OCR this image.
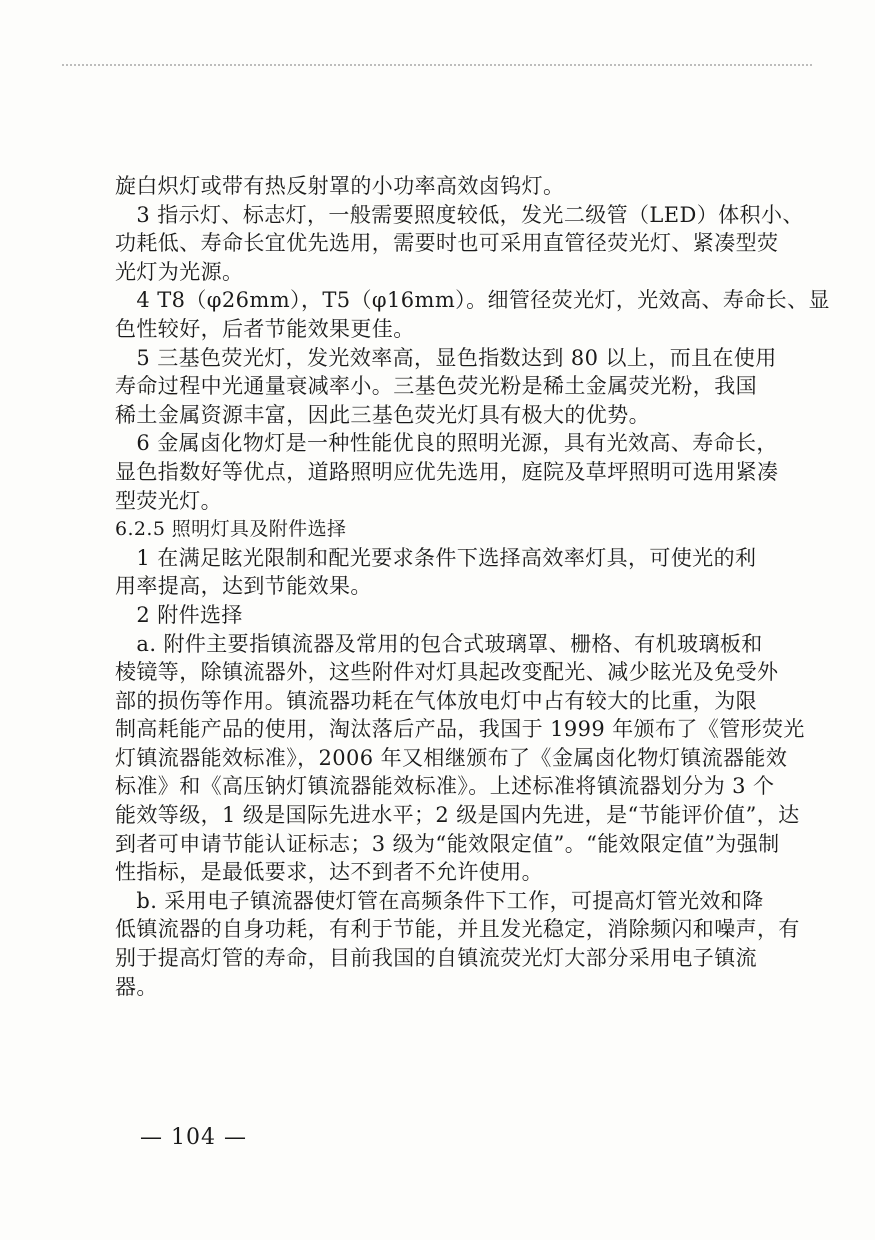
旋白炽灯或带有热反射罩的小功率高效卤钨灯。
　3 指示灯、标志灯，一般需要照度较低，发光二级管（LED）体积小、
功耗低、寿命长宜优先选用，需要时也可采用直管径荧光灯、紧凑型荧
光灯为光源。
　4 T8（φ26mm），T5（φ16mm）。细管径荧光灯，光效高、寿命长、显
色性较好，后者节能效果更佳。
　5 三基色荧光灯，发光效率高，显色指数达到 80 以上，而且在使用
寿命过程中光通量衰减率小。三基色荧光粉是稀土金属荧光粉，我国
稀土金属资源丰富，因此三基色荧光灯具有极大的优势。
　6 金属卤化物灯是一种性能优良的照明光源，具有光效高、寿命长，
显色指数好等优点，道路照明应优先选用，庭院及草坪照明可选用紧凑
型荧光灯。
6.2.5 照明灯具及附件选择
　1 在满足眩光限制和配光要求条件下选择高效率灯具，可使光的利
用率提高，达到节能效果。
　2 附件选择
　a. 附件主要指镇流器及常用的包合式玻璃罩、栅格、有机玻璃板和
棱镜等，除镇流器外，这些附件对灯具起改变配光、减少眩光及免受外
部的损伤等作用。镇流器功耗在气体放电灯中占有较大的比重，为限
制高耗能产品的使用，淘汰落后产品，我国于 1999 年颁布了《管形荧光
灯镇流器能效标准》，2006 年又相继颁布了《金属卤化物灯镇流器能效
标准》和《高压钠灯镇流器能效标准》。上述标准将镇流器划分为 3 个
能效等级，1 级是国际先进水平；2 级是国内先进，是“节能评价值”，达
到者可申请节能认证标志；3 级为“能效限定值”。“能效限定值”为强制
性指标，是最低要求，达不到者不允许使用。
　b. 采用电子镇流器使灯管在高频条件下工作，可提高灯管光效和降
低镇流器的自身功耗，有利于节能，并且发光稳定，消除频闪和噪声，有
别于提高灯管的寿命，目前我国的自镇流荧光灯大部分采用电子镇流
器。
— 104 —
